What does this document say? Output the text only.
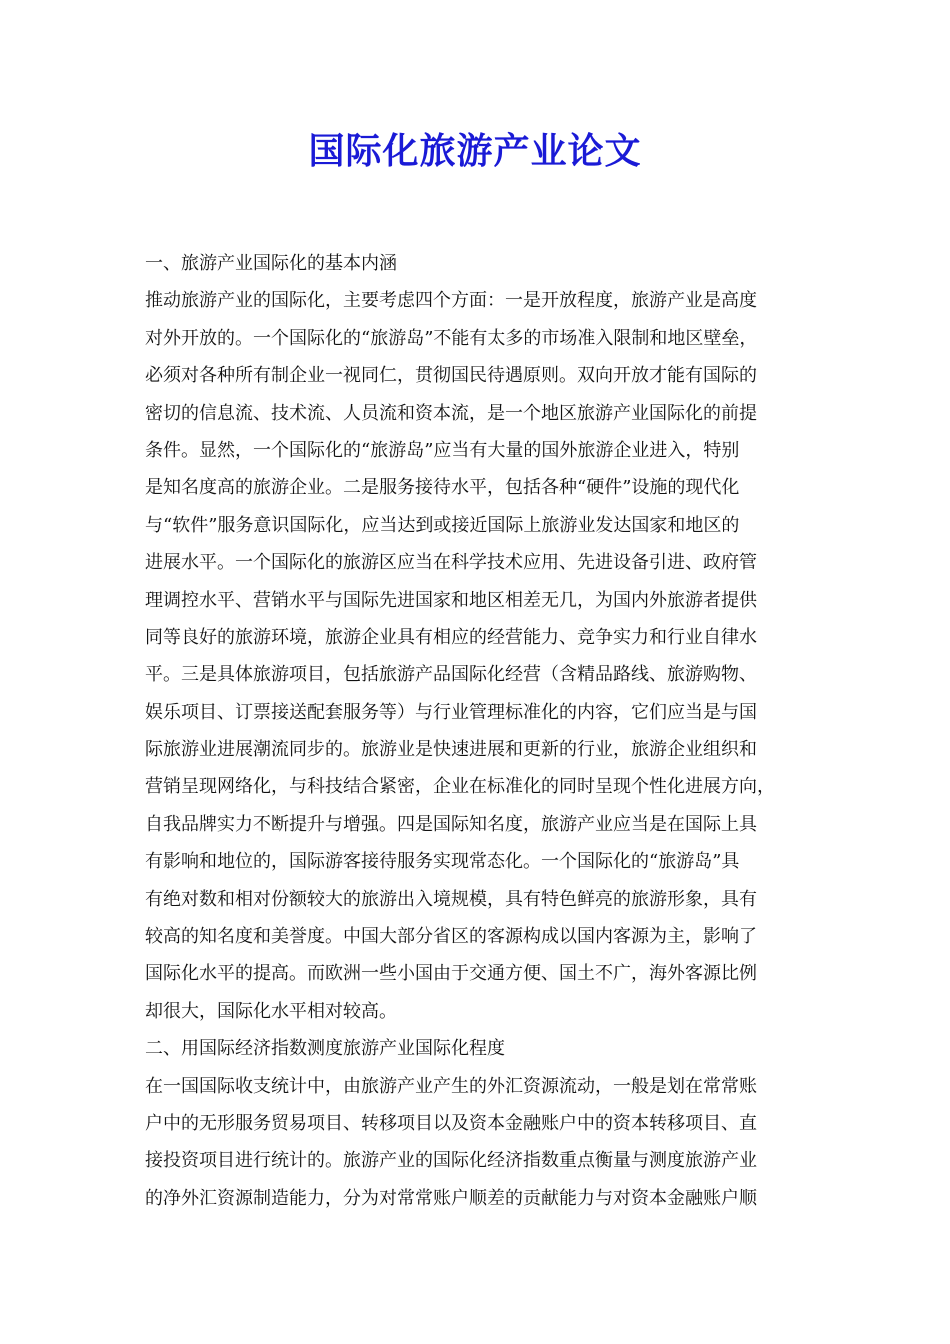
国际化旅游产业论文
一、旅游产业国际化的基本内涵
推动旅游产业的国际化，主要考虑四个方面：一是开放程度，旅游产业是高度
对外开放的。一个国际化的“旅游岛”不能有太多的市场准入限制和地区壁垒，
必须对各种所有制企业一视同仁，贯彻国民待遇原则。双向开放才能有国际的
密切的信息流、技术流、人员流和资本流，是一个地区旅游产业国际化的前提
条件。显然，一个国际化的“旅游岛”应当有大量的国外旅游企业进入，特别
是知名度高的旅游企业。二是服务接待水平，包括各种“硬件”设施的现代化
与“软件”服务意识国际化，应当达到或接近国际上旅游业发达国家和地区的
进展水平。一个国际化的旅游区应当在科学技术应用、先进设备引进、政府管
理调控水平、营销水平与国际先进国家和地区相差无几，为国内外旅游者提供
同等良好的旅游环境，旅游企业具有相应的经营能力、竞争实力和行业自律水
平。三是具体旅游项目，包括旅游产品国际化经营（含精品路线、旅游购物、
娱乐项目、订票接送配套服务等）与行业管理标准化的内容，它们应当是与国
际旅游业进展潮流同步的。旅游业是快速进展和更新的行业，旅游企业组织和
营销呈现网络化，与科技结合紧密，企业在标准化的同时呈现个性化进展方向，
自我品牌实力不断提升与增强。四是国际知名度，旅游产业应当是在国际上具
有影响和地位的，国际游客接待服务实现常态化。一个国际化的“旅游岛”具
有绝对数和相对份额较大的旅游出入境规模，具有特色鲜亮的旅游形象，具有
较高的知名度和美誉度。中国大部分省区的客源构成以国内客源为主，影响了
国际化水平的提高。而欧洲一些小国由于交通方便、国土不广，海外客源比例
却很大，国际化水平相对较高。
二、用国际经济指数测度旅游产业国际化程度
在一国国际收支统计中，由旅游产业产生的外汇资源流动，一般是划在常常账
户中的无形服务贸易项目、转移项目以及资本金融账户中的资本转移项目、直
接投资项目进行统计的。旅游产业的国际化经济指数重点衡量与测度旅游产业
的净外汇资源制造能力，分为对常常账户顺差的贡献能力与对资本金融账户顺
